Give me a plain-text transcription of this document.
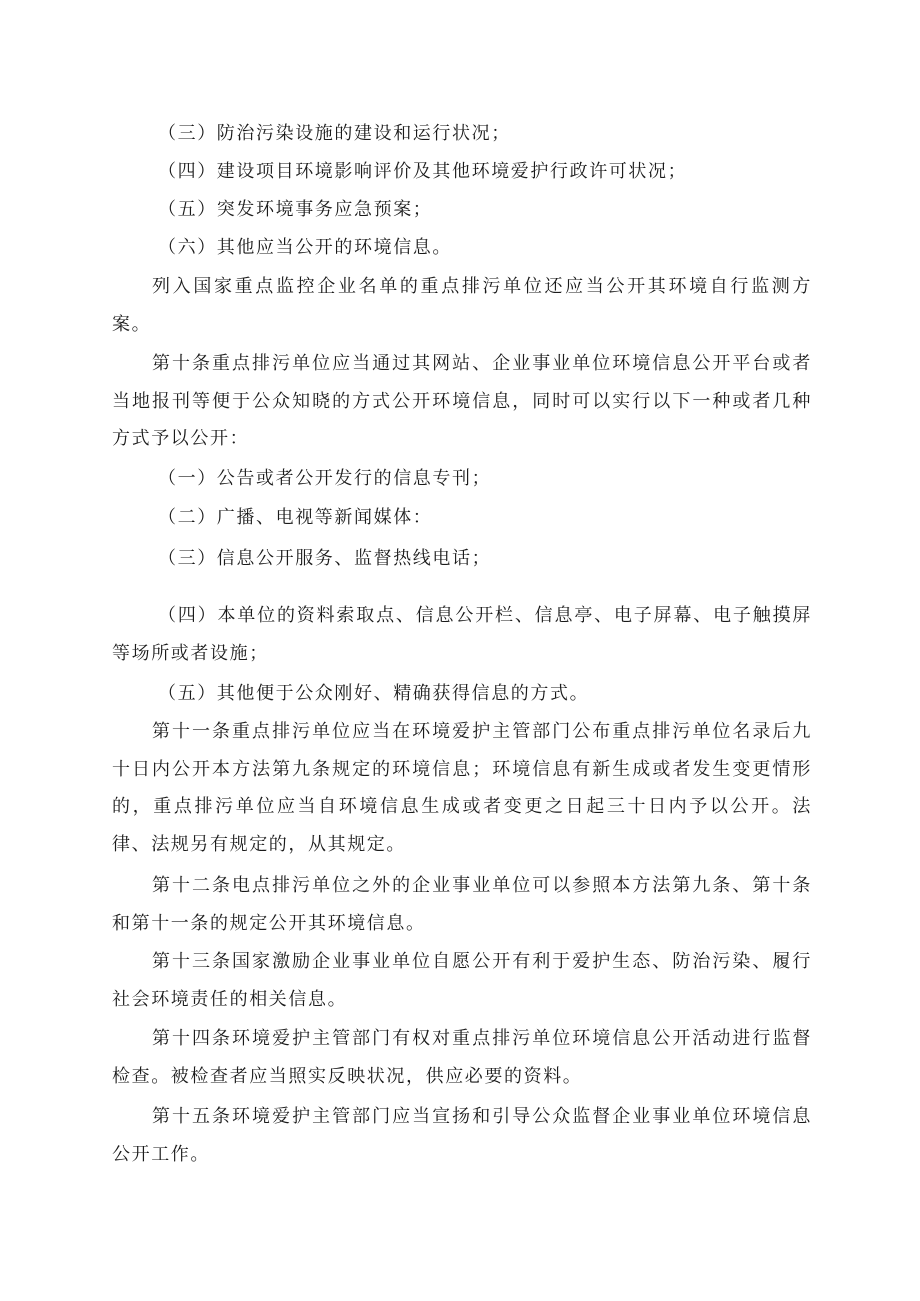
（三）防治污染设施的建设和运行状况；

（四）建设项目环境影响评价及其他环境爱护行政许可状况；

（五）突发环境事务应急预案；

（六）其他应当公开的环境信息。

列入国家重点监控企业名单的重点排污单位还应当公开其环境自行监测方案。

第十条重点排污单位应当通过其网站、企业事业单位环境信息公开平台或者当地报刊等便于公众知晓的方式公开环境信息，同时可以实行以下一种或者几种方式予以公开：

（一）公告或者公开发行的信息专刊；

（二）广播、电视等新闻媒体：

（三）信息公开服务、监督热线电话；

（四）本单位的资料索取点、信息公开栏、信息亭、电子屏幕、电子触摸屏等场所或者设施；

（五）其他便于公众刚好、精确获得信息的方式。

第十一条重点排污单位应当在环境爱护主管部门公布重点排污单位名录后九十日内公开本方法第九条规定的环境信息；环境信息有新生成或者发生变更情形的，重点排污单位应当自环境信息生成或者变更之日起三十日内予以公开。法律、法规另有规定的，从其规定。

第十二条电点排污单位之外的企业事业单位可以参照本方法第九条、第十条和第十一条的规定公开其环境信息。

第十三条国家激励企业事业单位自愿公开有利于爱护生态、防治污染、履行社会环境责任的相关信息。

第十四条环境爱护主管部门有权对重点排污单位环境信息公开活动进行监督检查。被检查者应当照实反映状况，供应必要的资料。

第十五条环境爱护主管部门应当宣扬和引导公众监督企业事业单位环境信息公开工作。
